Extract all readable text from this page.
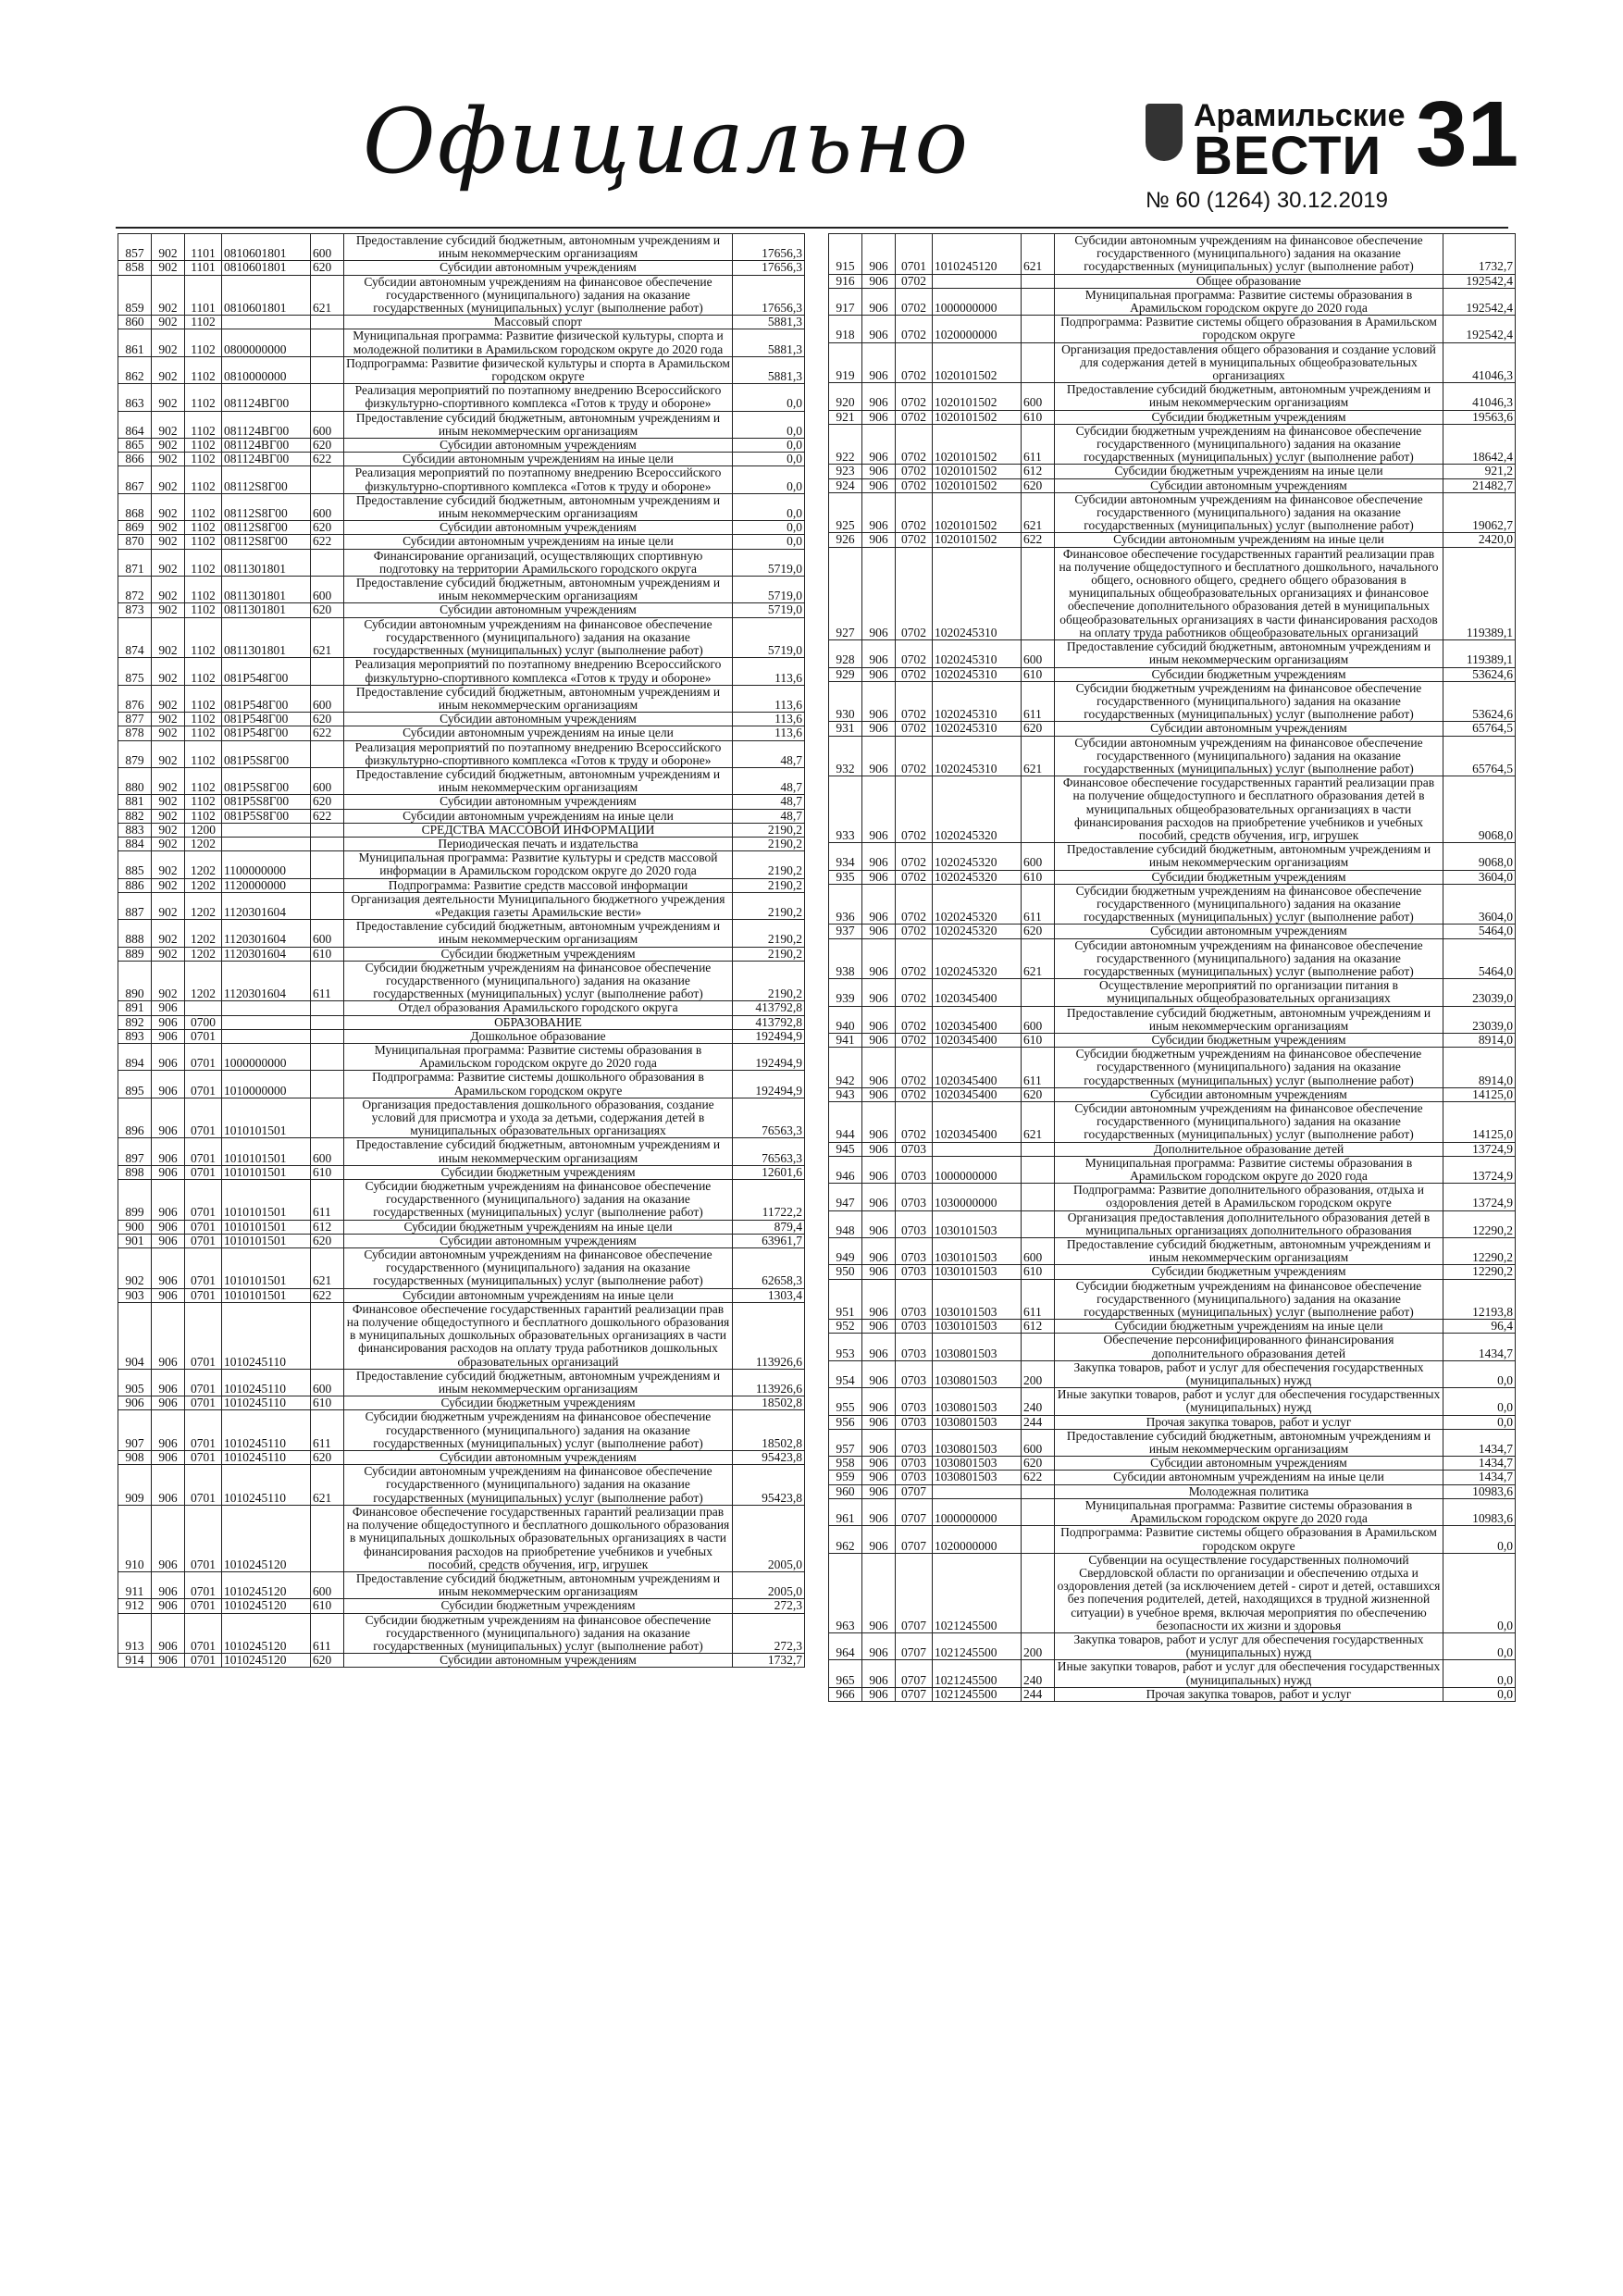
Официально	Арамильские
ВЕСТИ
№ 60 (1264) 30.12.2019
31
857	902	1101	0810601801	600	Предоставление субсидий бюджетным, автономным учреждениям и иным некоммерческим организациям	17656,3
858	902	1101	0810601801	620	Субсидии автономным учреждениям	17656,3
859	902	1101	0810601801	621	Субсидии автономным учреждениям на финансовое обеспечение государственного (муниципального) задания на оказание государственных (муниципальных) услуг (выполнение работ)	17656,3
860	902	1102			Массовый спорт	5881,3
861	902	1102	0800000000		Муниципальная программа: Развитие физической культуры, спорта и молодежной политики в Арамильском городском округе до 2020 года	5881,3
862	902	1102	0810000000		Подпрограмма: Развитие физической культуры и спорта в Арамильском городском округе	5881,3
863	902	1102	081124ВГ00		Реализация мероприятий по поэтапному внедрению Всероссийского физкультурно-спортивного комплекса «Готов к труду и обороне»	0,0
864	902	1102	081124ВГ00	600	Предоставление субсидий бюджетным, автономным учреждениям и иным некоммерческим организациям	0,0
865	902	1102	081124ВГ00	620	Субсидии автономным учреждениям	0,0
866	902	1102	081124ВГ00	622	Субсидии автономным учреждениям на иные цели	0,0
867	902	1102	08112S8Г00		Реализация мероприятий по поэтапному внедрению Всероссийского физкультурно-спортивного комплекса «Готов к труду и обороне»	0,0
868	902	1102	08112S8Г00	600	Предоставление субсидий бюджетным, автономным учреждениям и иным некоммерческим организациям	0,0
869	902	1102	08112S8Г00	620	Субсидии автономным учреждениям	0,0
870	902	1102	08112S8Г00	622	Субсидии автономным учреждениям на иные цели	0,0
871	902	1102	0811301801		Финансирование организаций, осуществляющих спортивную подготовку на территории Арамильского городского округа	5719,0
872	902	1102	0811301801	600	Предоставление субсидий бюджетным, автономным учреждениям и иным некоммерческим организациям	5719,0
873	902	1102	0811301801	620	Субсидии автономным учреждениям	5719,0
874	902	1102	0811301801	621	Субсидии автономным учреждениям на финансовое обеспечение государственного (муниципального) задания на оказание государственных (муниципальных) услуг (выполнение работ)	5719,0
875	902	1102	081P548Г00		Реализация мероприятий по поэтапному внедрению Всероссийского физкультурно-спортивного комплекса «Готов к труду и обороне»	113,6
876	902	1102	081P548Г00	600	Предоставление субсидий бюджетным, автономным учреждениям и иным некоммерческим организациям	113,6
877	902	1102	081P548Г00	620	Субсидии автономным учреждениям	113,6
878	902	1102	081P548Г00	622	Субсидии автономным учреждениям на иные цели	113,6
879	902	1102	081P5S8Г00		Реализация мероприятий по поэтапному внедрению Всероссийского физкультурно-спортивного комплекса «Готов к труду и обороне»	48,7
880	902	1102	081P5S8Г00	600	Предоставление субсидий бюджетным, автономным учреждениям и иным некоммерческим организациям	48,7
881	902	1102	081P5S8Г00	620	Субсидии автономным учреждениям	48,7
882	902	1102	081P5S8Г00	622	Субсидии автономным учреждениям на иные цели	48,7
883	902	1200			СРЕДСТВА МАССОВОЙ ИНФОРМАЦИИ	2190,2
884	902	1202			Периодическая печать и издательства	2190,2
885	902	1202	1100000000		Муниципальная программа: Развитие культуры и средств массовой информации в Арамильском городском округе до 2020 года	2190,2
886	902	1202	1120000000		Подпрограмма: Развитие средств массовой информации	2190,2
887	902	1202	1120301604		Организация деятельности Муниципального бюджетного учреждения «Редакция газеты Арамильские вести»	2190,2
888	902	1202	1120301604	600	Предоставление субсидий бюджетным, автономным учреждениям и иным некоммерческим организациям	2190,2
889	902	1202	1120301604	610	Субсидии бюджетным учреждениям	2190,2
890	902	1202	1120301604	611	Субсидии бюджетным учреждениям на финансовое обеспечение государственного (муниципального) задания на оказание государственных (муниципальных) услуг (выполнение работ)	2190,2
891	906				Отдел образования Арамильского городского округа	413792,8
892	906	0700			ОБРАЗОВАНИЕ	413792,8
893	906	0701			Дошкольное образование	192494,9
894	906	0701	1000000000		Муниципальная программа: Развитие системы образования в Арамильском городском округе до 2020 года	192494,9
895	906	0701	1010000000		Подпрограмма: Развитие системы дошкольного образования в Арамильском городском округе	192494,9
896	906	0701	1010101501		Организация предоставления дошкольного образования, создание условий для присмотра и ухода за детьми, содержания детей в муниципальных образовательных организациях	76563,3
897	906	0701	1010101501	600	Предоставление субсидий бюджетным, автономным учреждениям и иным некоммерческим организациям	76563,3
898	906	0701	1010101501	610	Субсидии бюджетным учреждениям	12601,6
899	906	0701	1010101501	611	Субсидии бюджетным учреждениям на финансовое обеспечение государственного (муниципального) задания на оказание государственных (муниципальных) услуг (выполнение работ)	11722,2
900	906	0701	1010101501	612	Субсидии бюджетным учреждениям на иные цели	879,4
901	906	0701	1010101501	620	Субсидии автономным учреждениям	63961,7
902	906	0701	1010101501	621	Субсидии автономным учреждениям на финансовое обеспечение государственного (муниципального) задания на оказание государственных (муниципальных) услуг (выполнение работ)	62658,3
903	906	0701	1010101501	622	Субсидии автономным учреждениям на иные цели	1303,4
904	906	0701	1010245110		Финансовое обеспечение государственных гарантий реализации прав на получение общедоступного и бесплатного дошкольного образования в муниципальных дошкольных образовательных организациях в части финансирования расходов на оплату труда работников дошкольных образовательных организаций	113926,6
905	906	0701	1010245110	600	Предоставление субсидий бюджетным, автономным учреждениям и иным некоммерческим организациям	113926,6
906	906	0701	1010245110	610	Субсидии бюджетным учреждениям	18502,8
907	906	0701	1010245110	611	Субсидии бюджетным учреждениям на финансовое обеспечение государственного (муниципального) задания на оказание государственных (муниципальных) услуг (выполнение работ)	18502,8
908	906	0701	1010245110	620	Субсидии автономным учреждениям	95423,8
909	906	0701	1010245110	621	Субсидии автономным учреждениям на финансовое обеспечение государственного (муниципального) задания на оказание государственных (муниципальных) услуг (выполнение работ)	95423,8
910	906	0701	1010245120		Финансовое обеспечение государственных гарантий реализации прав на получение общедоступного и бесплатного дошкольного образования в муниципальных дошкольных образовательных организациях в части финансирования расходов на приобретение учебников и учебных пособий, средств обучения, игр, игрушек	2005,0
911	906	0701	1010245120	600	Предоставление субсидий бюджетным, автономным учреждениям и иным некоммерческим организациям	2005,0
912	906	0701	1010245120	610	Субсидии бюджетным учреждениям	272,3
913	906	0701	1010245120	611	Субсидии бюджетным учреждениям на финансовое обеспечение государственного (муниципального) задания на оказание государственных (муниципальных) услуг (выполнение работ)	272,3
914	906	0701	1010245120	620	Субсидии автономным учреждениям	1732,7
915	906	0701	1010245120	621	Субсидии автономным учреждениям на финансовое обеспечение государственного (муниципального) задания на оказание государственных (муниципальных) услуг (выполнение работ)	1732,7
916	906	0702			Общее образование	192542,4
917	906	0702	1000000000		Муниципальная программа: Развитие системы образования в Арамильском городском округе до 2020 года	192542,4
918	906	0702	1020000000		Подпрограмма: Развитие системы общего образования в Арамильском городском округе	192542,4
919	906	0702	1020101502		Организация предоставления общего образования и создание условий для содержания детей в муниципальных общеобразовательных организациях	41046,3
920	906	0702	1020101502	600	Предоставление субсидий бюджетным, автономным учреждениям и иным некоммерческим организациям	41046,3
921	906	0702	1020101502	610	Субсидии бюджетным учреждениям	19563,6
922	906	0702	1020101502	611	Субсидии бюджетным учреждениям на финансовое обеспечение государственного (муниципального) задания на оказание государственных (муниципальных) услуг (выполнение работ)	18642,4
923	906	0702	1020101502	612	Субсидии бюджетным учреждениям на иные цели	921,2
924	906	0702	1020101502	620	Субсидии автономным учреждениям	21482,7
925	906	0702	1020101502	621	Субсидии автономным учреждениям на финансовое обеспечение государственного (муниципального) задания на оказание государственных (муниципальных) услуг (выполнение работ)	19062,7
926	906	0702	1020101502	622	Субсидии автономным учреждениям на иные цели	2420,0
927	906	0702	1020245310		Финансовое обеспечение государственных гарантий реализации прав на получение общедоступного и бесплатного дошкольного, начального общего, основного общего, среднего общего образования в муниципальных общеобразовательных организациях и финансовое обеспечение дополнительного образования детей в муниципальных общеобразовательных организациях в части финансирования расходов на оплату труда работников общеобразовательных организаций	119389,1
928	906	0702	1020245310	600	Предоставление субсидий бюджетным, автономным учреждениям и иным некоммерческим организациям	119389,1
929	906	0702	1020245310	610	Субсидии бюджетным учреждениям	53624,6
930	906	0702	1020245310	611	Субсидии бюджетным учреждениям на финансовое обеспечение государственного (муниципального) задания на оказание государственных (муниципальных) услуг (выполнение работ)	53624,6
931	906	0702	1020245310	620	Субсидии автономным учреждениям	65764,5
932	906	0702	1020245310	621	Субсидии автономным учреждениям на финансовое обеспечение государственного (муниципального) задания на оказание государственных (муниципальных) услуг (выполнение работ)	65764,5
933	906	0702	1020245320		Финансовое обеспечение государственных гарантий реализации прав на получение общедоступного и бесплатного образования детей в муниципальных общеобразовательных организациях в части финансирования расходов на приобретение учебников и учебных пособий, средств обучения, игр, игрушек	9068,0
934	906	0702	1020245320	600	Предоставление субсидий бюджетным, автономным учреждениям и иным некоммерческим организациям	9068,0
935	906	0702	1020245320	610	Субсидии бюджетным учреждениям	3604,0
936	906	0702	1020245320	611	Субсидии бюджетным учреждениям на финансовое обеспечение государственного (муниципального) задания на оказание государственных (муниципальных) услуг (выполнение работ)	3604,0
937	906	0702	1020245320	620	Субсидии автономным учреждениям	5464,0
938	906	0702	1020245320	621	Субсидии автономным учреждениям на финансовое обеспечение государственного (муниципального) задания на оказание государственных (муниципальных) услуг (выполнение работ)	5464,0
939	906	0702	1020345400		Осуществление мероприятий по организации питания в муниципальных общеобразовательных организациях	23039,0
940	906	0702	1020345400	600	Предоставление субсидий бюджетным, автономным учреждениям и иным некоммерческим организациям	23039,0
941	906	0702	1020345400	610	Субсидии бюджетным учреждениям	8914,0
942	906	0702	1020345400	611	Субсидии бюджетным учреждениям на финансовое обеспечение государственного (муниципального) задания на оказание государственных (муниципальных) услуг (выполнение работ)	8914,0
943	906	0702	1020345400	620	Субсидии автономным учреждениям	14125,0
944	906	0702	1020345400	621	Субсидии автономным учреждениям на финансовое обеспечение государственного (муниципального) задания на оказание государственных (муниципальных) услуг (выполнение работ)	14125,0
945	906	0703			Дополнительное образование детей	13724,9
946	906	0703	1000000000		Муниципальная программа: Развитие системы образования в Арамильском городском округе до 2020 года	13724,9
947	906	0703	1030000000		Подпрограмма: Развитие дополнительного образования, отдыха и оздоровления детей в Арамильском городском округе	13724,9
948	906	0703	1030101503		Организация предоставления дополнительного образования детей в муниципальных организациях дополнительного образования	12290,2
949	906	0703	1030101503	600	Предоставление субсидий бюджетным, автономным учреждениям и иным некоммерческим организациям	12290,2
950	906	0703	1030101503	610	Субсидии бюджетным учреждениям	12290,2
951	906	0703	1030101503	611	Субсидии бюджетным учреждениям на финансовое обеспечение государственного (муниципального) задания на оказание государственных (муниципальных) услуг (выполнение работ)	12193,8
952	906	0703	1030101503	612	Субсидии бюджетным учреждениям на иные цели	96,4
953	906	0703	1030801503		Обеспечение персонифицированного финансирования дополнительного образования детей	1434,7
954	906	0703	1030801503	200	Закупка товаров, работ и услуг для обеспечения государственных (муниципальных) нужд	0,0
955	906	0703	1030801503	240	Иные закупки товаров, работ и услуг для обеспечения государственных (муниципальных) нужд	0,0
956	906	0703	1030801503	244	Прочая закупка товаров, работ и услуг	0,0
957	906	0703	1030801503	600	Предоставление субсидий бюджетным, автономным учреждениям и иным некоммерческим организациям	1434,7
958	906	0703	1030801503	620	Субсидии автономным учреждениям	1434,7
959	906	0703	1030801503	622	Субсидии автономным учреждениям на иные цели	1434,7
960	906	0707			Молодежная политика	10983,6
961	906	0707	1000000000		Муниципальная программа: Развитие системы образования в Арамильском городском округе до 2020 года	10983,6
962	906	0707	1020000000		Подпрограмма: Развитие системы общего образования в Арамильском городском округе	0,0
963	906	0707	1021245500		Субвенции на осуществление государственных полномочий Свердловской области по организации и обеспечению отдыха и оздоровления детей (за исключением детей - сирот и детей, оставшихся без попечения родителей, детей, находящихся в трудной жизненной ситуации) в учебное время, включая мероприятия по обеспечению безопасности их жизни и здоровья	0,0
964	906	0707	1021245500	200	Закупка товаров, работ и услуг для обеспечения государственных (муниципальных) нужд	0,0
965	906	0707	1021245500	240	Иные закупки товаров, работ и услуг для обеспечения государственных (муниципальных) нужд	0,0
966	906	0707	1021245500	244	Прочая закупка товаров, работ и услуг	0,0
